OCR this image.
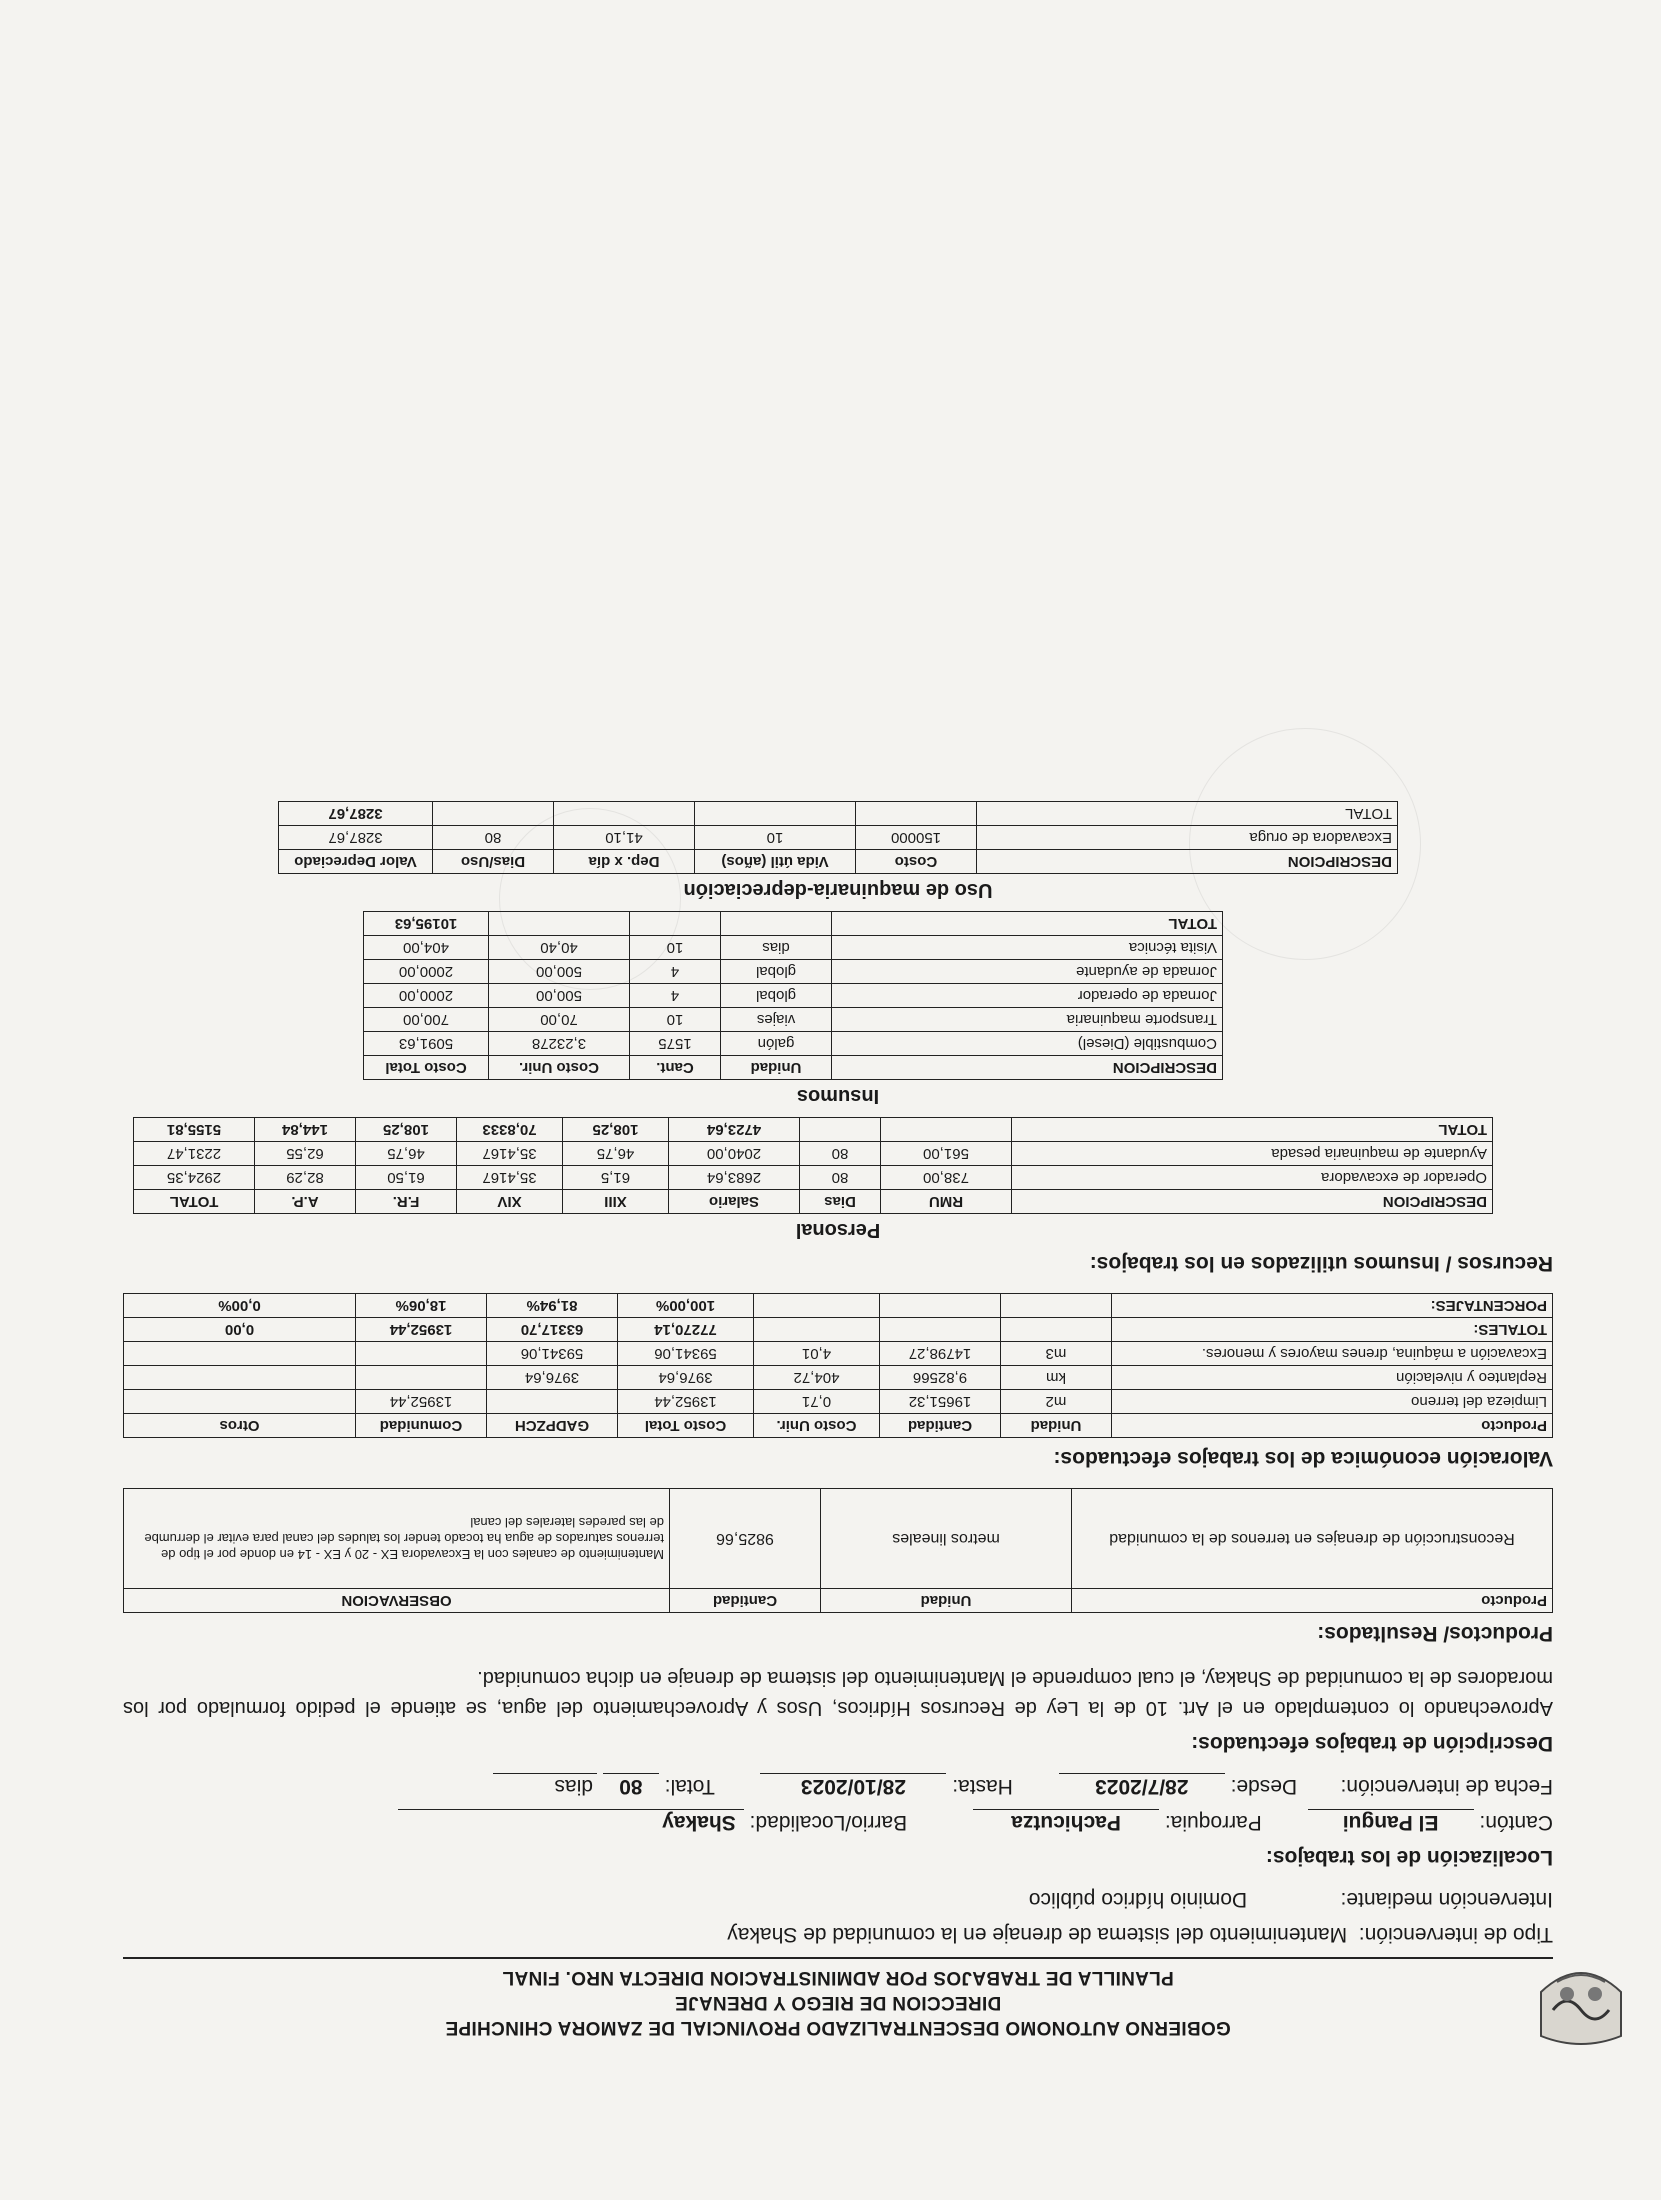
GOBIERNO AUTONOMO DESCENTRALIZADO PROVINCIAL DE ZAMORA CHINCHIPE
DIRECCION DE RIEGO Y DRENAJE
PLANILLA DE TRABAJOS POR ADMINISTRACION DIRECTA NRO. FINAL
Tipo de intervención: Mantenimiento del sistema de drenaje en la comunidad de Shakay
Intervención mediante: Dominio hídrico público
Localización de los trabajos:
Cantón: El Pangui Parroquia: Pachicutza Barrio/Localidad: Shakay
Fecha de intervención: Desde: 28/7/2023 Hasta: 28/10/2023 Total: 80 dias
Descripción de trabajos efectuados:
Aprovechando lo contemplado en el Art. 10 de la Ley de Recursos Hídricos, Usos y Aprovechamiento del agua, se atiende el pedido formulado por los moradores de la comunidad de Shakay, el cual comprende el Mantenimiento del sistema de drenaje en dicha comunidad.
Productos/ Resultados:
Producto	Unidad	Cantidad	OBSERVACION
Reconstrucción de drenajes en terrenos de la comunidad	metros lineales	9825,66	Mantenimiento de canales con la Excavadora EX - 20 y EX - 14 en donde por el tipo de terrenos saturados de agua ha tocado tender los taludes del canal para evitar el derrumbe de las paredes laterales del canal
Valoración económica de los trabajos efectuados:
Producto	Unidad	Cantidad	Costo Unir.	Costo Total	GADPZCH	Comunidad	Otros
Limpieza del terreno	m2	19651,32	0,71	13952,44		13952,44	
Replanteo y nivelación	km	9,82566	404,72	3976,64	3976,64		
Excavación a máquina, drenes mayores y menores.	m3	14798,27	4,01	59341,06	59341,06		
TOTALES:				77270,14	63317,70	13952,44	0,00
PORCENTAJES:				100,00%	81,94%	18,06%	0,00%
Recursos / Insumos utilizados en los trabajos:
Personal
DESCRIPCION	RMU	Dias	Salario	XIII	XIV	F.R.	A.P.	TOTAL
Operador de excavadora	738,00	80	2683,64	61,5	35,4167	61,50	82,29	2924,35
Ayudante de maquinaria pesada	561,00	80	2040,00	46,75	35,4167	46,75	62,55	2231,47
TOTAL			4723,64	108,25	70,8333	108,25	144,84	5155,81
Insumos
DESCRIPCION	Unidad	Cant.	Costo Unir.	Costo Total
Combustible (Diesel)	galón	1575	3,23278	5091,63
Transporte maquinaria	viajes	10	70,00	700,00
Jornada de operador	global	4	500,00	2000,00
Jornada de ayudante	global	4	500,00	2000,00
Visita técnica	dias	10	40,40	404,00
TOTAL				10195,63
Uso de maquinaria-depreciación
DESCRIPCION	Costo	Vida útil (años)	Dep. x día	Dias/Uso	Valor Depreciado
Excavadora de oruga	150000	10	41,10	80	3287,67
TOTAL					3287,67
